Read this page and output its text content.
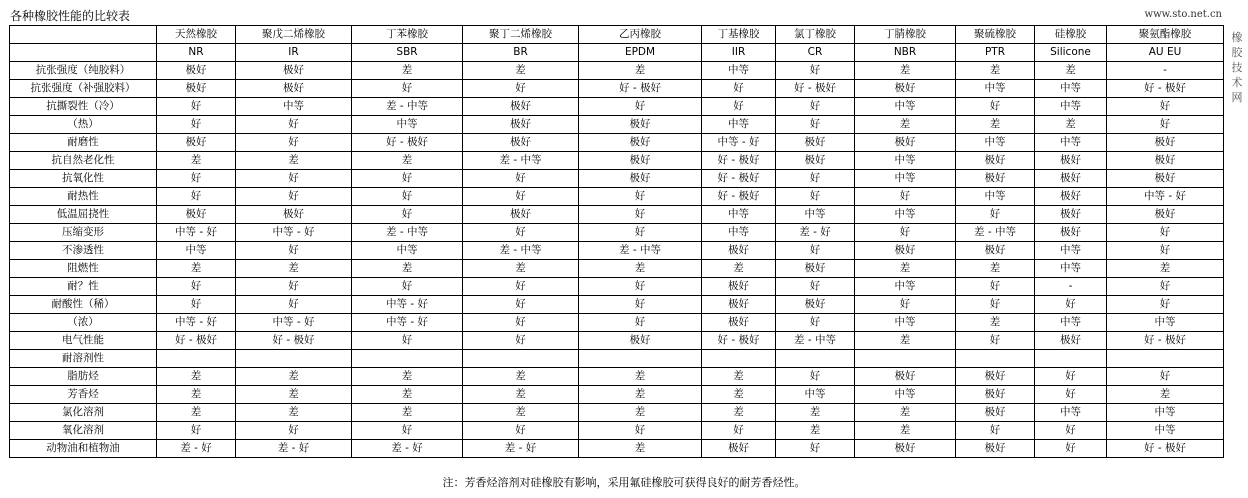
各种橡胶性能的比较表	www.sto.net.cn
橡胶技术网
	天然橡胶	聚戊二烯橡胶	丁苯橡胶	聚丁二烯橡胶	乙丙橡胶	丁基橡胶	氯丁橡胶	丁腈橡胶	聚硫橡胶	硅橡胶	聚氨酯橡胶
	NR	IR	SBR	BR	EPDM	IIR	CR	NBR	PTR	Silicone	AU EU
抗张强度（纯胶料）	极好	极好	差	差	差	中等	好	差	差	差	-
抗张强度（补强胶料）	极好	极好	好	好	好 - 极好	好	好 - 极好	极好	中等	中等	好 - 极好
抗撕裂性（冷）	好	中等	差 - 中等	极好	好	好	好	中等	好	中等	好
（热）	好	好	中等	极好	极好	中等	好	差	差	差	好
耐磨性	极好	好	好 - 极好	极好	极好	中等 - 好	极好	极好	中等	中等	极好
抗自然老化性	差	差	差	差 - 中等	极好	好 - 极好	极好	中等	极好	极好	极好
抗氧化性	好	好	好	好	极好	好 - 极好	好	中等	极好	极好	极好
耐热性	好	好	好	好	好	好 - 极好	好	好	中等	极好	中等 - 好
低温屈挠性	极好	极好	好	极好	好	中等	中等	中等	好	极好	极好
压缩变形	中等 - 好	中等 - 好	差 - 中等	好	好	中等	差 - 好	好	差 - 中等	极好	好
不渗透性	中等	好	中等	差 - 中等	差 - 中等	极好	好	极好	极好	中等	好
阻燃性	差	差	差	差	差	差	极好	差	差	中等	差
耐？性	好	好	好	好	好	极好	好	中等	好	-	好
耐酸性（稀）	好	好	中等 - 好	好	好	极好	极好	好	好	好	好
（浓）	中等 - 好	中等 - 好	中等 - 好	好	好	极好	好	中等	差	中等	中等
电气性能	好 - 极好	好 - 极好	好	好	极好	好 - 极好	差 - 中等	差	好	极好	好 - 极好
耐溶剂性											
脂肪烃	差	差	差	差	差	差	好	极好	极好	好	好
芳香烃	差	差	差	差	差	差	中等	中等	极好	好	差
氯化溶剂	差	差	差	差	差	差	差	差	极好	中等	中等
氧化溶剂	好	好	好	好	好	好	差	差	好	好	中等
动物油和植物油	差 - 好	差 - 好	差 - 好	差 - 好	差	极好	好	极好	极好	好	好 - 极好
注：芳香烃溶剂对硅橡胶有影响，采用氟硅橡胶可获得良好的耐芳香烃性。
